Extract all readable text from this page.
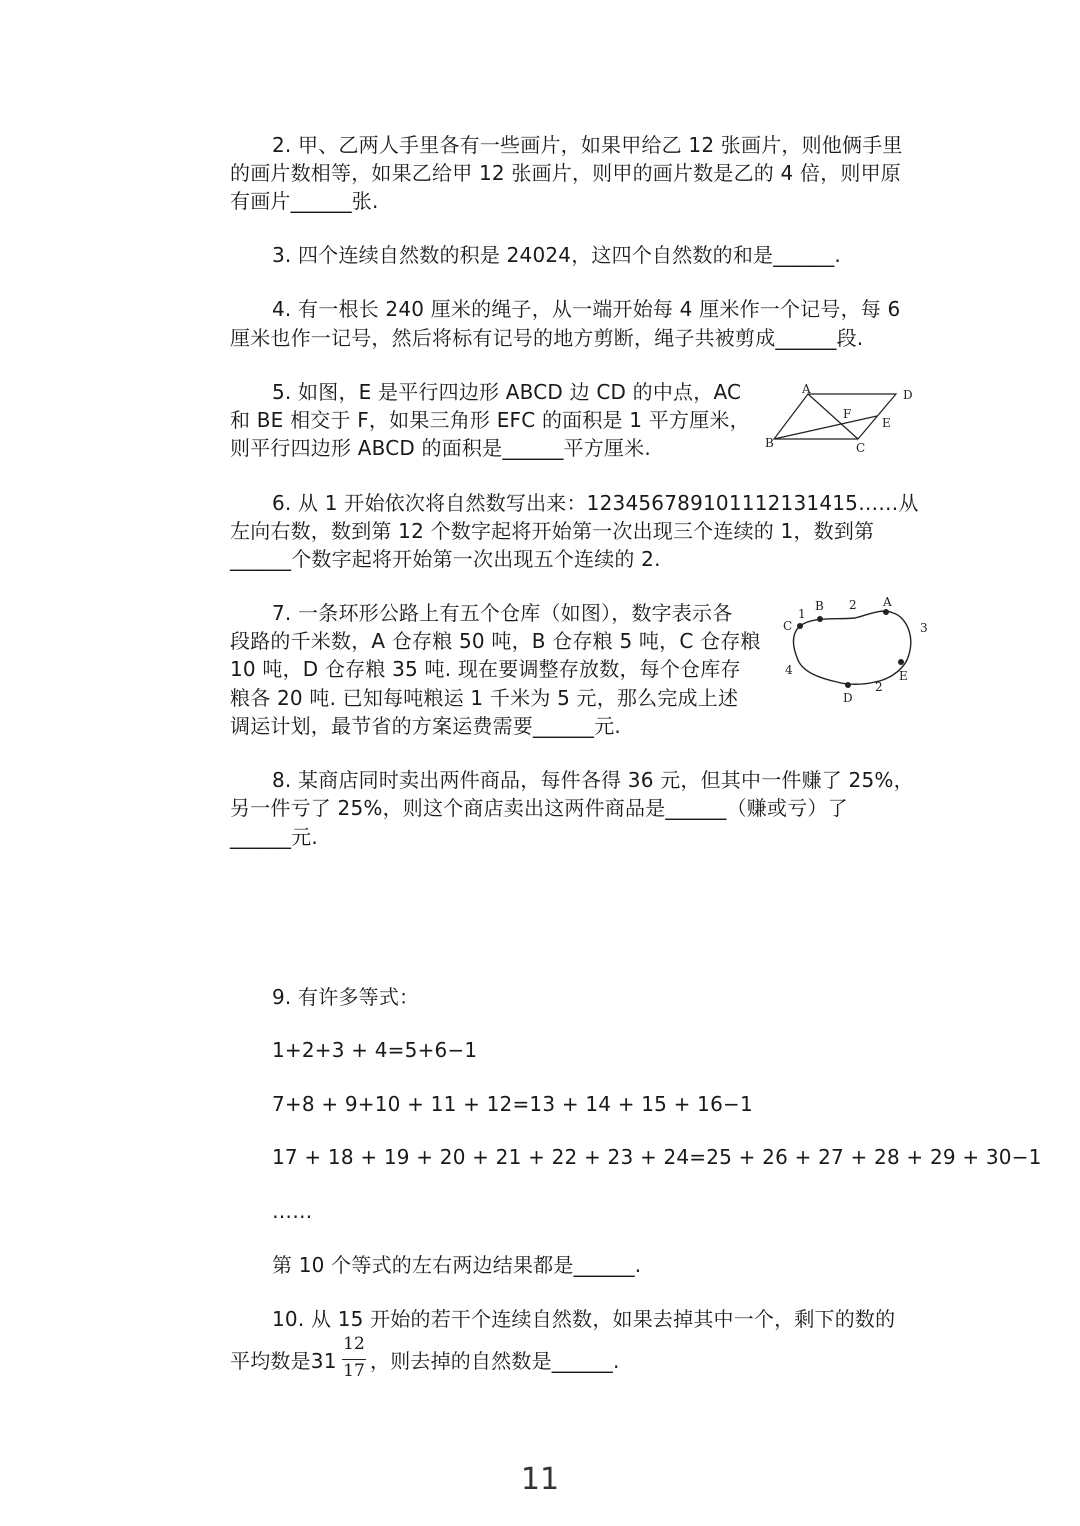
2. 甲、乙两人手里各有一些画片，如果甲给乙 12 张画片，则他俩手里
的画片数相等，如果乙给甲 12 张画片，则甲的画片数是乙的 4 倍，则甲原
有画片______张.
3. 四个连续自然数的积是 24024，这四个自然数的和是______.
4. 有一根长 240 厘米的绳子，从一端开始每 4 厘米作一个记号，每 6
厘米也作一记号，然后将标有记号的地方剪断，绳子共被剪成______段.
5. 如图，E 是平行四边形 ABCD 边 CD 的中点，AC
和 BE 相交于 F，如果三角形 EFC 的面积是 1 平方厘米，
则平行四边形 ABCD 的面积是______平方厘米.
A	D
B	C
E
F
6. 从 1 开始依次将自然数写出来：123456789101112131415……从
左向右数，数到第 12 个数字起将开始第一次出现三个连续的 1，数到第
______个数字起将开始第一次出现五个连续的 2.
7. 一条环形公路上有五个仓库（如图），数字表示各
段路的千米数，A 仓存粮 50 吨，B 仓存粮 5 吨，C 仓存粮
10 吨，D 仓存粮 35 吨. 现在要调整存放数，每个仓库存
粮各 20 吨. 已知每吨粮运 1 千米为 5 元，那么完成上述
调运计划，最节省的方案运费需要______元.
B	A
C
E
D
1
2
3
2
4
8. 某商店同时卖出两件商品，每件各得 36 元，但其中一件赚了 25%，
另一件亏了 25%，则这个商店卖出这两件商品是______（赚或亏）了
______元.
9. 有许多等式：
1+2+3 + 4=5+6−1
7+8 + 9+10 + 11 + 12=13 + 14 + 15 + 16−1
17 + 18 + 19 + 20 + 21 + 22 + 23 + 24=25 + 26 + 27 + 28 + 29 + 30−1
……
第 10 个等式的左右两边结果都是______.
10. 从 15 开始的若干个连续自然数，如果去掉其中一个，剩下的数的
平均数是31
12
17 ，则去掉的自然数是______.
11
